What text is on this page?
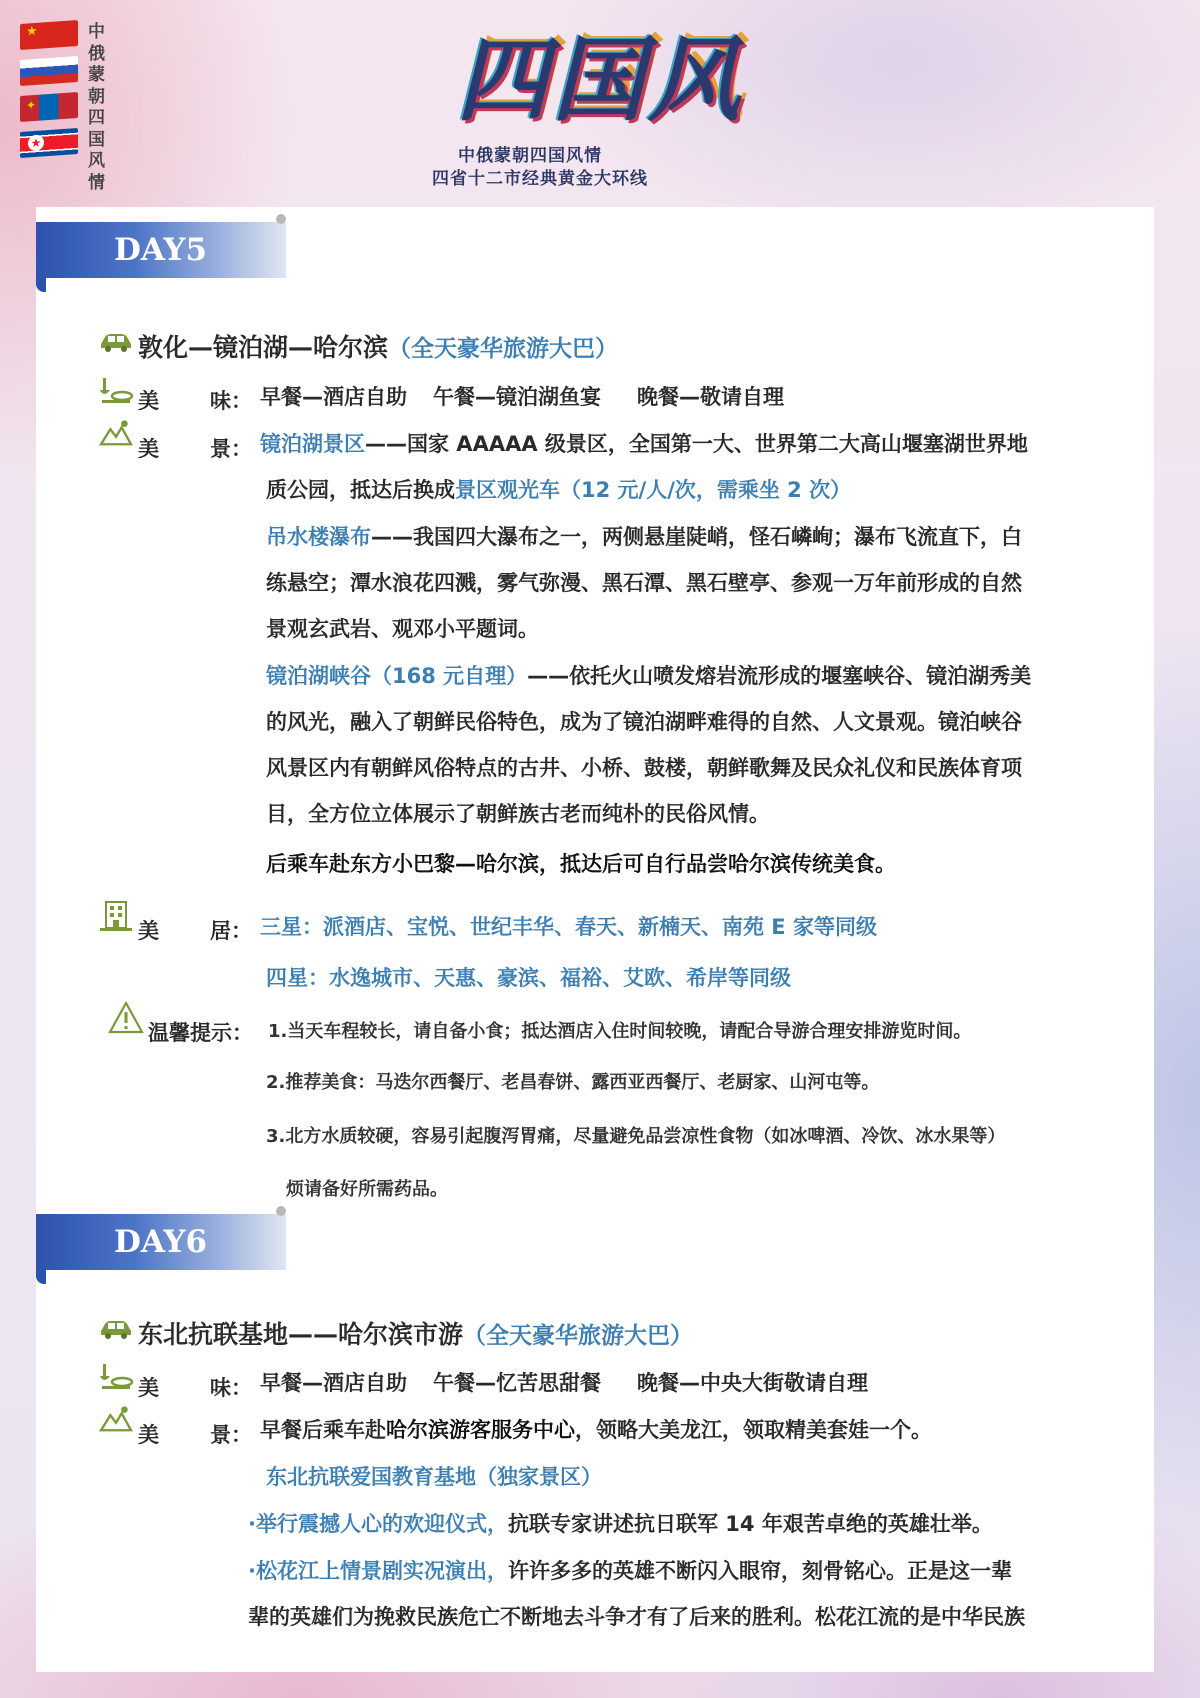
★
✦
★
中俄蒙朝四国风情
四国风
中俄蒙朝四国风情
四省十二市经典黄金大环线
DAY5
敦化—镜泊湖—哈尔滨（全天豪华旅游大巴）
美 味： 早餐—酒店自助 午餐—镜泊湖鱼宴 晚餐—敬请自理
美 景： 镜泊湖景区——国家 AAAAA 级景区，全国第一大、世界第二大高山堰塞湖世界地
质公园，抵达后换成景区观光车（12 元/人/次，需乘坐 2 次）
吊水楼瀑布——我国四大瀑布之一，两侧悬崖陡峭，怪石嶙峋；瀑布飞流直下，白
练悬空；潭水浪花四溅，雾气弥漫、黑石潭、黑石壁亭、参观一万年前形成的自然
景观玄武岩、观邓小平题词。
镜泊湖峡谷（168 元自理）——依托火山喷发熔岩流形成的堰塞峡谷、镜泊湖秀美
的风光，融入了朝鲜民俗特色，成为了镜泊湖畔难得的自然、人文景观。镜泊峡谷
风景区内有朝鲜风俗特点的古井、小桥、鼓楼，朝鲜歌舞及民众礼仪和民族体育项
目，全方位立体展示了朝鲜族古老而纯朴的民俗风情。
后乘车赴东方小巴黎—哈尔滨，抵达后可自行品尝哈尔滨传统美食。
美 居： 三星：派酒店、宝悦、世纪丰华、春天、新楠天、南苑 E 家等同级
四星：水逸城市、天惠、豪滨、福裕、艾欧、希岸等同级
温馨提示： 1.当天车程较长，请自备小食；抵达酒店入住时间较晚，请配合导游合理安排游览时间。
2.推荐美食：马迭尔西餐厅、老昌春饼、露西亚西餐厅、老厨家、山河屯等。
3.北方水质较硬，容易引起腹泻胃痛，尽量避免品尝凉性食物（如冰啤酒、冷饮、冰水果等）
烦请备好所需药品。
DAY6
东北抗联基地——哈尔滨市游（全天豪华旅游大巴）
美 味： 早餐—酒店自助 午餐—忆苦思甜餐 晚餐—中央大街敬请自理
美 景： 早餐后乘车赴哈尔滨游客服务中心，领略大美龙江，领取精美套娃一个。
东北抗联爱国教育基地（独家景区）
·举行震撼人心的欢迎仪式，抗联专家讲述抗日联军 14 年艰苦卓绝的英雄壮举。
·松花江上情景剧实况演出，许许多多的英雄不断闪入眼帘，刻骨铭心。正是这一辈
辈的英雄们为挽救民族危亡不断地去斗争才有了后来的胜利。松花江流的是中华民族
